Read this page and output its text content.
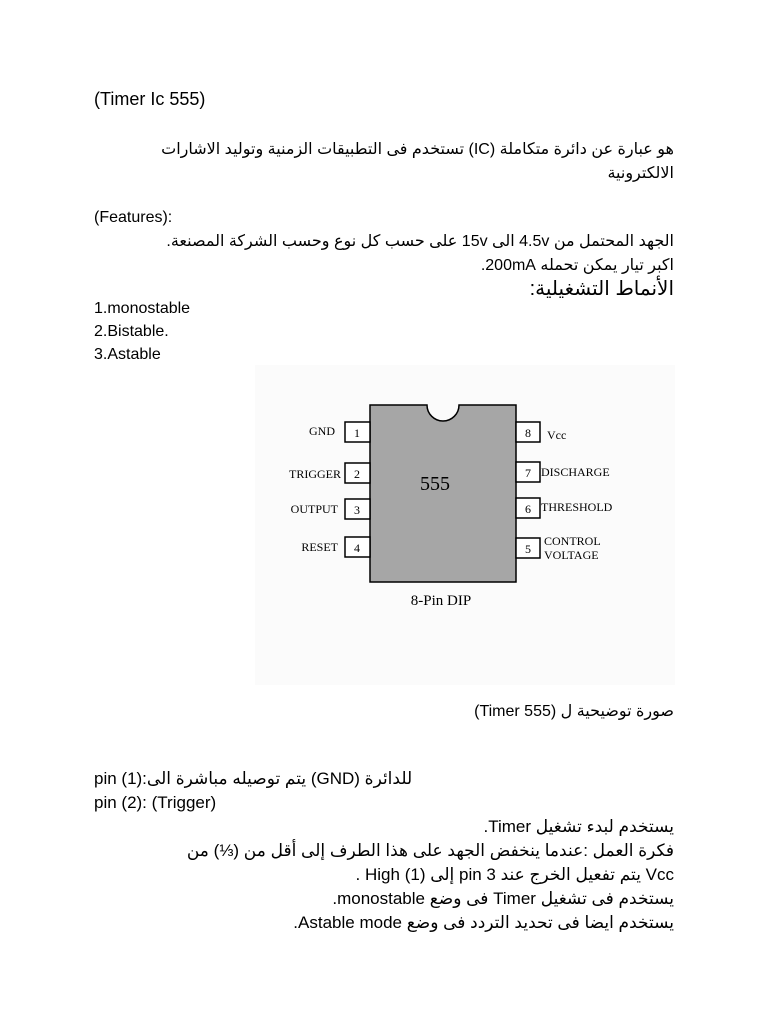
(Timer Ic 555)
هو عبارة عن دائرة متكاملة (IC) تستخدم فى التطبيقات الزمنية وتوليد الاشارات
الالكترونية
(Features):
الجهد المحتمل من 4.5v الى 15v على حسب كل نوع وحسب الشركة المصنعة.
اكبر تيار يمكن تحمله 200mA.
الأنماط التشغيلية:
1.monostable
2.Bistable.
3.Astable
555
1
GND
2
TRIGGER
3
OUTPUT
4
RESET
8 Vcc
7 DISCHARGE
6 THRESHOLD
5
CONTROL
VOLTAGE
8-Pin DIP
صورة توضيحية ل (Timer 555)
pin (1):يتم توصيله مباشرة الى (GND) للدائرة
pin (2): (Trigger)
يستخدم لبدء تشغيل Timer.
فكرة العمل :عندما ينخفض الجهد على هذا الطرف إلى أقل من (⅓) من
Vcc يتم تفعيل الخرج عند pin 3 إلى (1) High .
يستخدم فى تشغيل Timer فى وضع monostable.
يستخدم ايضا فى تحديد التردد فى وضع Astable mode.
